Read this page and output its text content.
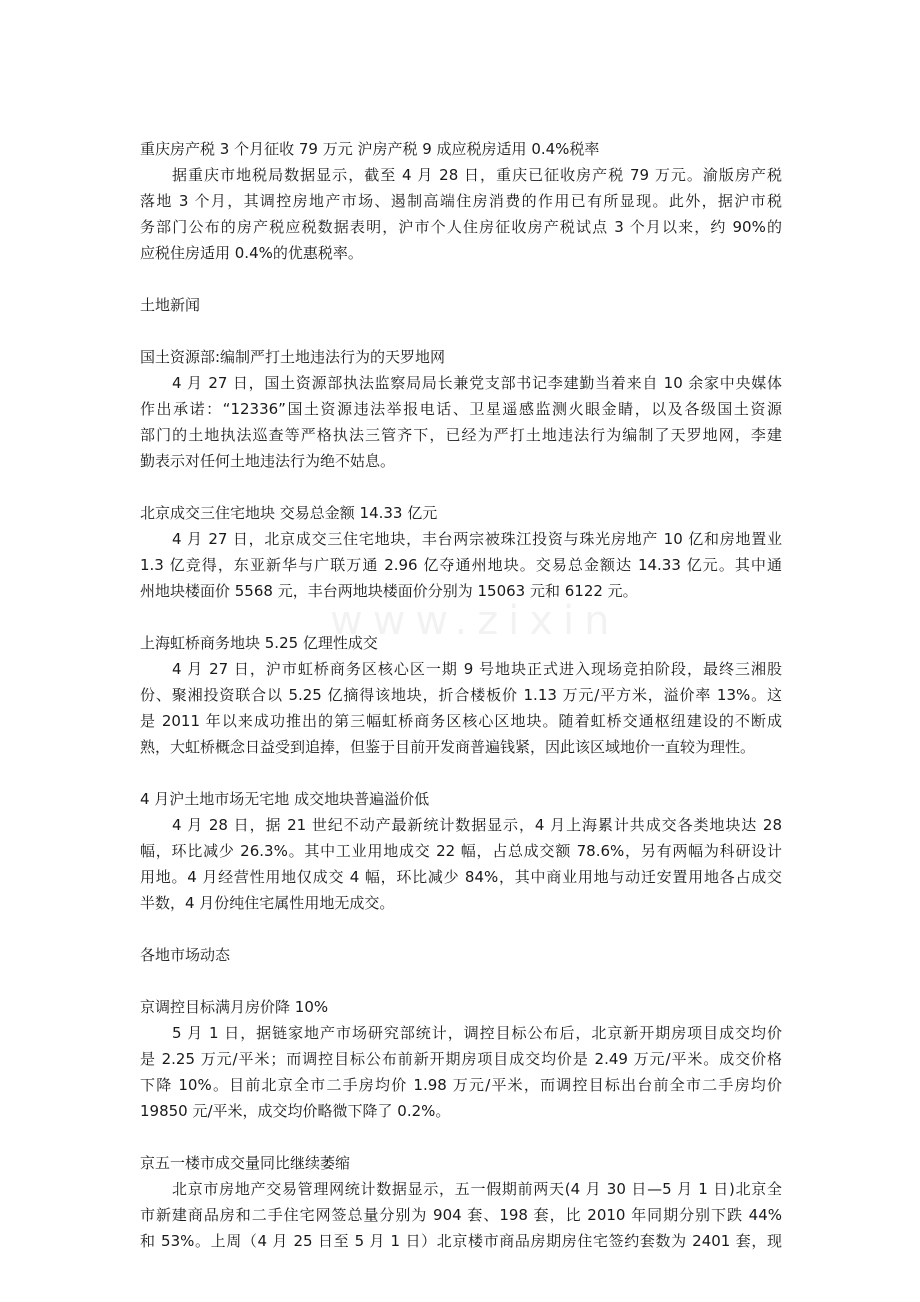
www.zixin
重庆房产税 3 个月征收 79 万元 沪房产税 9 成应税房适用 0.4%税率
据重庆市地税局数据显示，截至 4 月 28 日，重庆已征收房产税 79 万元。渝版房产税
落地 3 个月，其调控房地产市场、遏制高端住房消费的作用已有所显现。此外，据沪市税
务部门公布的房产税应税数据表明，沪市个人住房征收房产税试点 3 个月以来，约 90%的
应税住房适用 0.4%的优惠税率。
土地新闻
国土资源部:编制严打土地违法行为的天罗地网
4 月 27 日，国土资源部执法监察局局长兼党支部书记李建勤当着来自 10 余家中央媒体
作出承诺：“12336”国土资源违法举报电话、卫星遥感监测火眼金睛，以及各级国土资源
部门的土地执法巡查等严格执法三管齐下，已经为严打土地违法行为编制了天罗地网，李建
勤表示对任何土地违法行为绝不姑息。
北京成交三住宅地块 交易总金额 14.33 亿元
4 月 27 日，北京成交三住宅地块，丰台两宗被珠江投资与珠光房地产 10 亿和房地置业
1.3 亿竞得，东亚新华与广联万通 2.96 亿夺通州地块。交易总金额达 14.33 亿元。其中通
州地块楼面价 5568 元，丰台两地块楼面价分别为 15063 元和 6122 元。
上海虹桥商务地块 5.25 亿理性成交
4 月 27 日，沪市虹桥商务区核心区一期 9 号地块正式进入现场竞拍阶段，最终三湘股
份、聚湘投资联合以 5.25 亿摘得该地块，折合楼板价 1.13 万元/平方米，溢价率 13%。这
是 2011 年以来成功推出的第三幅虹桥商务区核心区地块。随着虹桥交通枢纽建设的不断成
熟，大虹桥概念日益受到追捧，但鉴于目前开发商普遍钱紧，因此该区域地价一直较为理性。
4 月沪土地市场无宅地 成交地块普遍溢价低
4 月 28 日，据 21 世纪不动产最新统计数据显示，4 月上海累计共成交各类地块达 28
幅，环比减少 26.3%。其中工业用地成交 22 幅，占总成交额 78.6%，另有两幅为科研设计
用地。4 月经营性用地仅成交 4 幅，环比减少 84%，其中商业用地与动迁安置用地各占成交
半数，4 月份纯住宅属性用地无成交。
各地市场动态
京调控目标满月房价降 10%
5 月 1 日，据链家地产市场研究部统计，调控目标公布后，北京新开期房项目成交均价
是 2.25 万元/平米；而调控目标公布前新开期房项目成交均价是 2.49 万元/平米。成交价格
下降 10%。目前北京全市二手房均价 1.98 万元/平米，而调控目标出台前全市二手房均价
19850 元/平米，成交均价略微下降了 0.2%。
京五一楼市成交量同比继续萎缩
北京市房地产交易管理网统计数据显示，五一假期前两天(4 月 30 日—5 月 1 日)北京全
市新建商品房和二手住宅网签总量分别为 904 套、198 套，比 2010 年同期分别下跌 44%
和 53%。上周（4 月 25 日至 5 月 1 日）北京楼市商品房期房住宅签约套数为 2401 套，现
